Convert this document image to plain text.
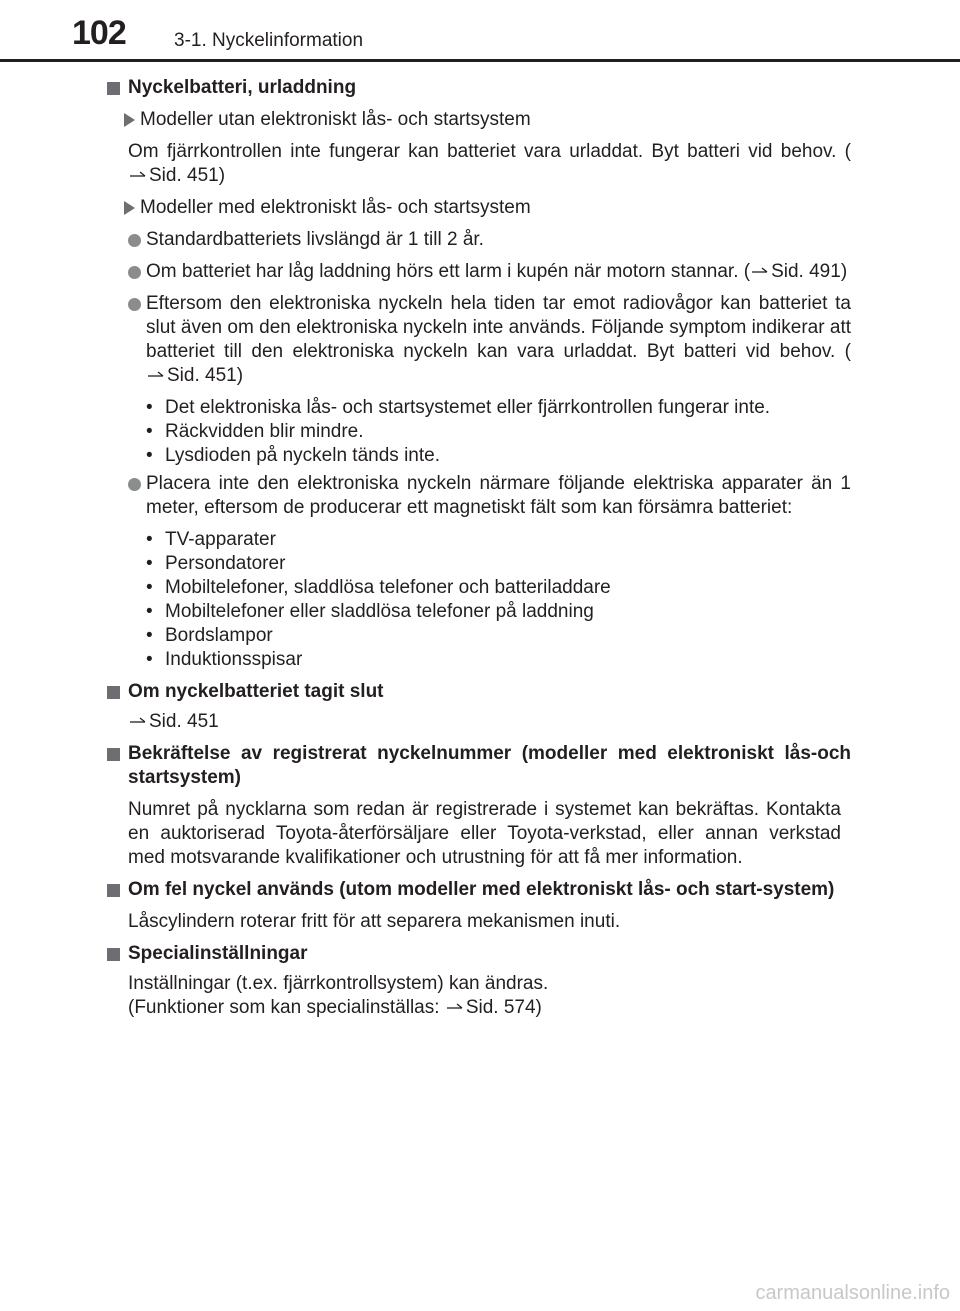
102	3-1. Nyckelinformation
Nyckelbatteri, urladdning
Modeller utan elektroniskt lås- och startsystem
Om fjärrkontrollen inte fungerar kan batteriet vara urladdat. Byt batteri vid behov. (Sid. 451)
Modeller med elektroniskt lås- och startsystem
Standardbatteriets livslängd är 1 till 2 år.
Om batteriet har låg laddning hörs ett larm i kupén när motorn stannar. ( Sid. 491)
Eftersom den elektroniska nyckeln hela tiden tar emot radiovågor kan batteriet ta slut även om den elektroniska nyckeln inte används. Följande symptom indikerar att batteriet till den elektroniska nyckeln kan vara urladdat. Byt batteri vid behov. (Sid. 451)
• Det elektroniska lås- och startsystemet eller fjärrkontrollen fungerar inte.
• Räckvidden blir mindre.
• Lysdioden på nyckeln tänds inte.
Placera inte den elektroniska nyckeln närmare följande elektriska apparater än 1 meter, eftersom de producerar ett magnetiskt fält som kan försämra batteriet:
• TV-apparater
• Persondatorer
• Mobiltelefoner, sladdlösa telefoner och batteriladdare
• Mobiltelefoner eller sladdlösa telefoner på laddning
• Bordslampor
• Induktionsspisar
Om nyckelbatteriet tagit slut
Sid. 451
Bekräftelse av registrerat nyckelnummer (modeller med elektroniskt lås-och startsystem)
Numret på nycklarna som redan är registrerade i systemet kan bekräftas. Kontakta en auktoriserad Toyota-återförsäljare eller Toyota-verkstad, eller annan verkstad med motsvarande kvalifikationer och utrustning för att få mer information.
Om fel nyckel används (utom modeller med elektroniskt lås- och start-system)
Låscylindern roterar fritt för att separera mekanismen inuti.
Specialinställningar
Inställningar (t.ex. fjärrkontrollsystem) kan ändras.
(Funktioner som kan specialinställas: Sid. 574)
carmanualsonline.info
